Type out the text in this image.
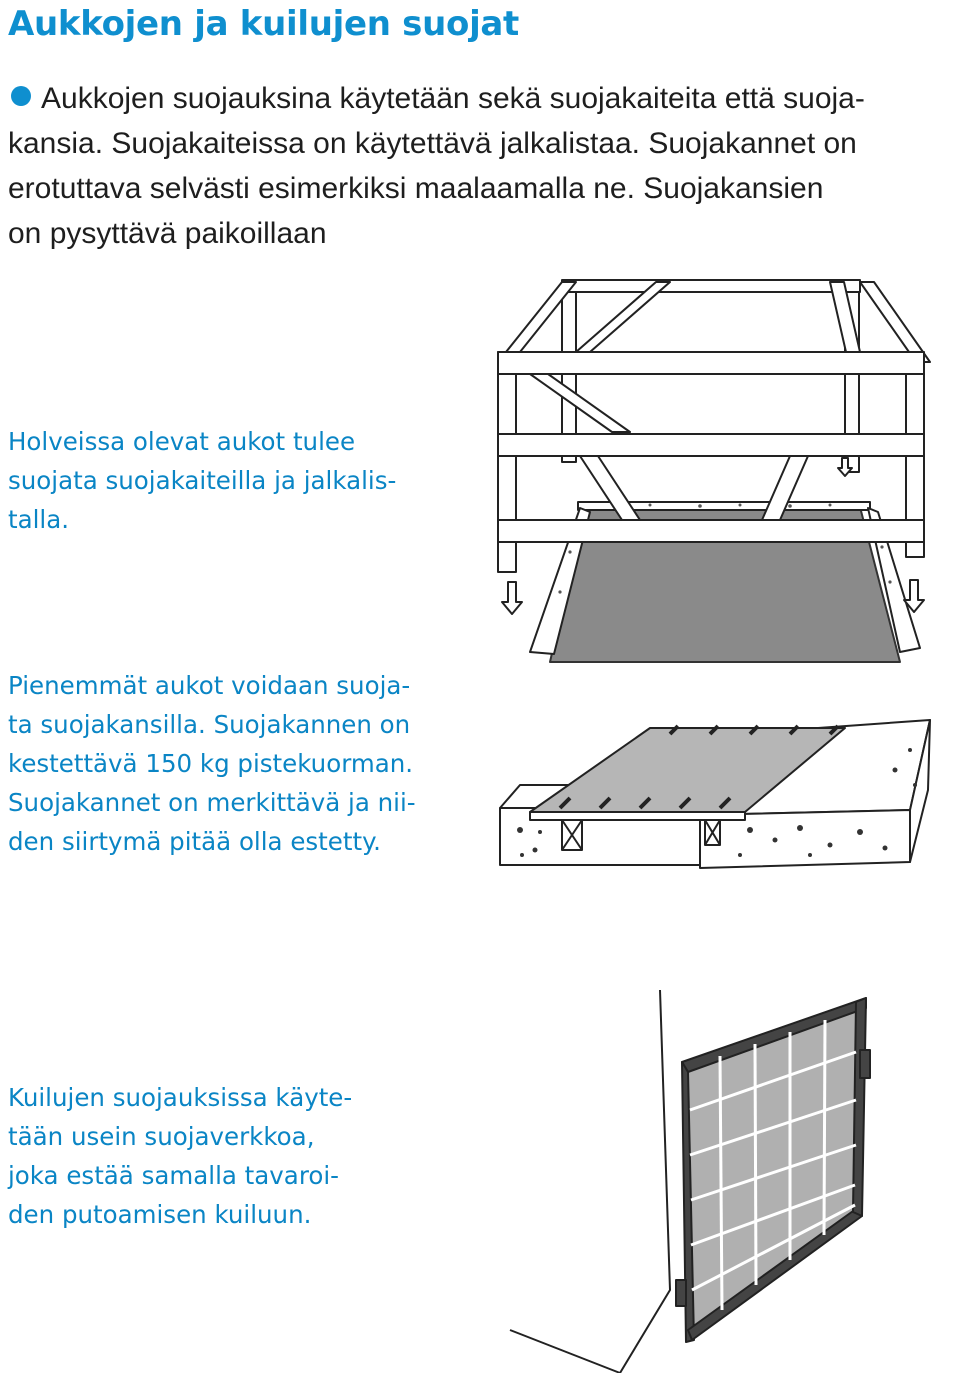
Aukkojen ja kuilujen suojat
Aukkojen suojauksina käytetään sekä suojakaiteita että suoja-
kansia. Suojakaiteissa on käytettävä jalkalistaa. Suojakannet on
erotuttava selvästi esimerkiksi maalaamalla ne. Suojakansien
on pysyttävä paikoillaan
Holveissa olevat aukot tulee
suojata suojakaiteilla ja jalkalis-
talla.
Pienemmät aukot voidaan suoja-
ta suojakansilla. Suojakannen on
kestettävä 150 kg pistekuorman.
Suojakannet on merkittävä ja nii-
den siirtymä pitää olla estetty.
Kuilujen suojauksissa käyte-
tään usein suojaverkkoa,
joka estää samalla tavaroi-
den putoamisen kuiluun.
